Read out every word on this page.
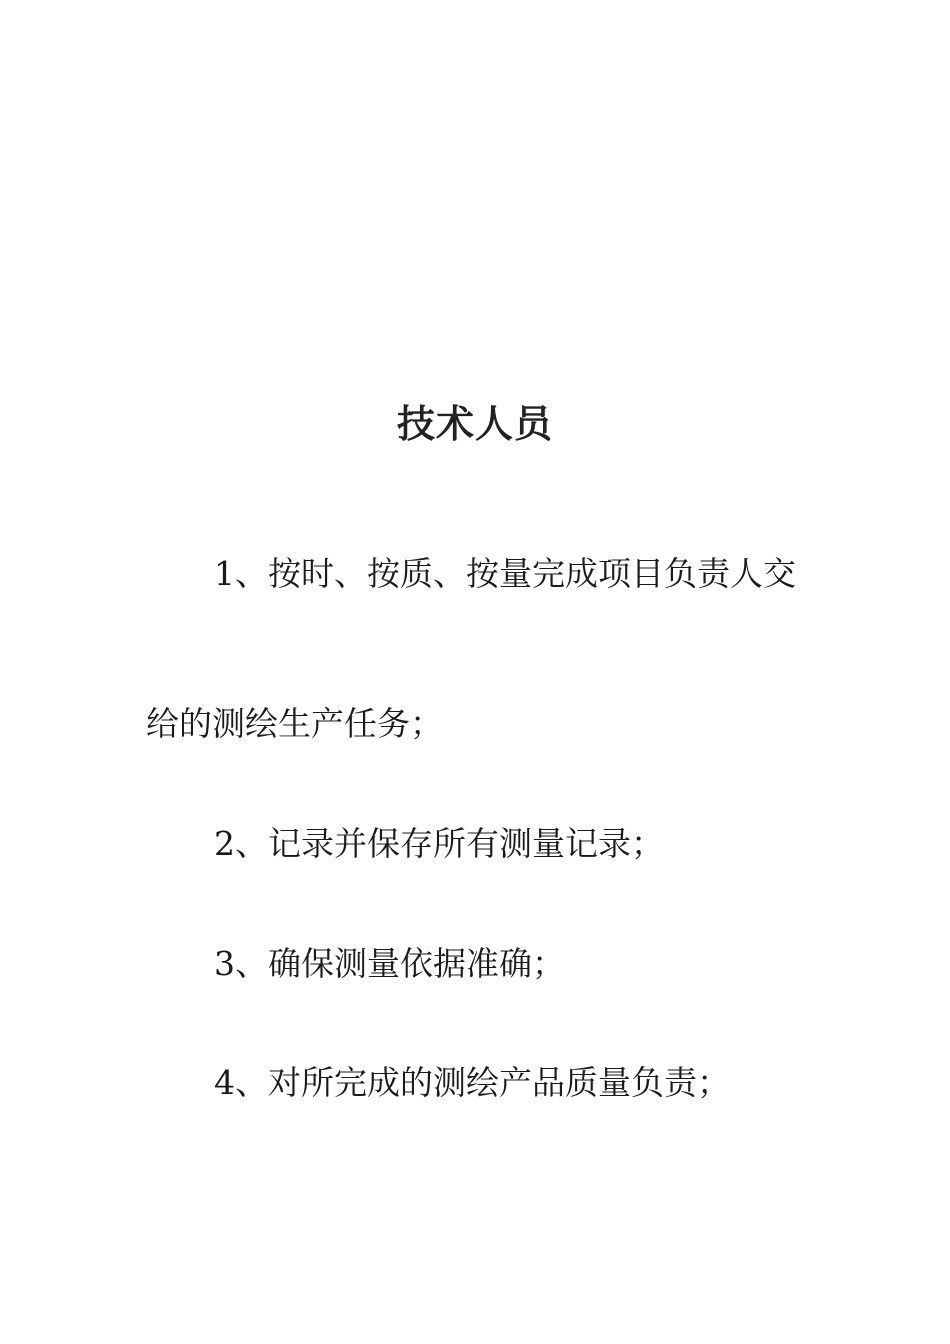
技术人员
1、按时、按质、按量完成项目负责人交
给的测绘生产任务；
2、记录并保存所有测量记录；
3、确保测量依据准确；
4、对所完成的测绘产品质量负责；
